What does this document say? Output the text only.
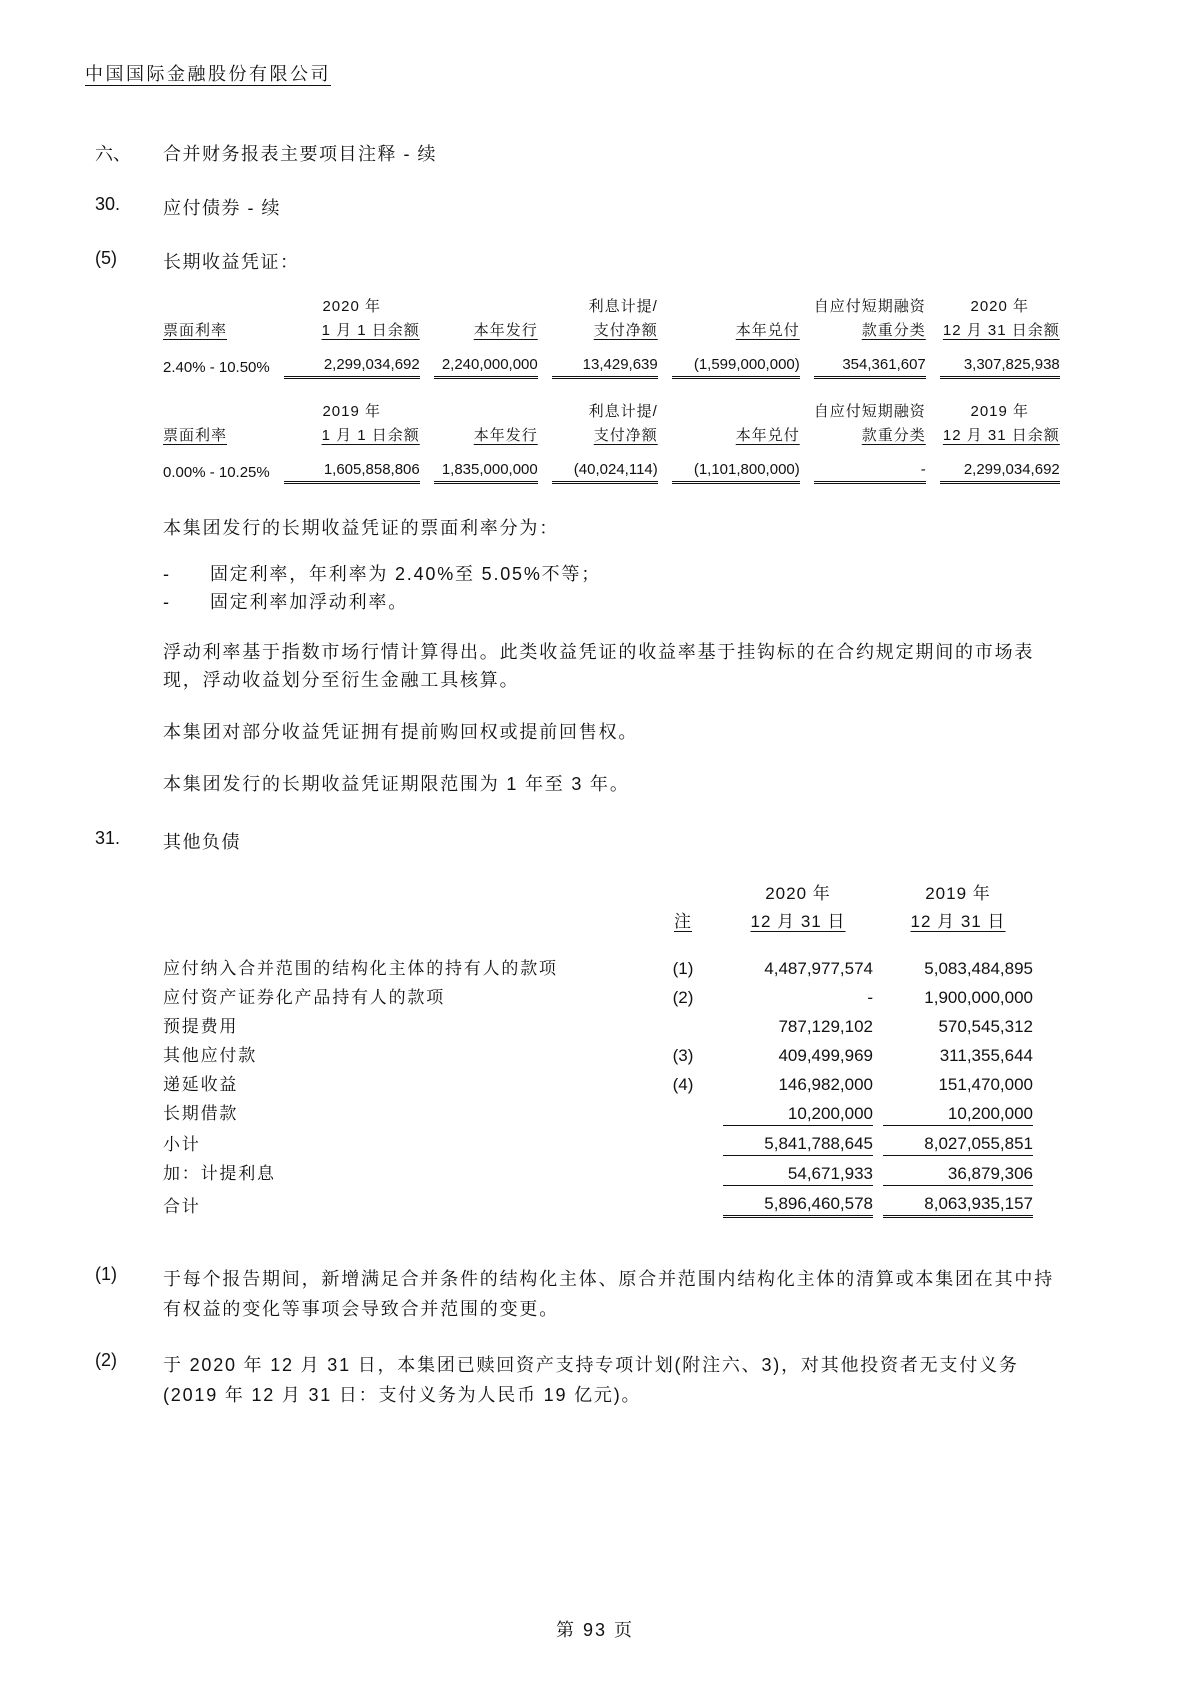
中国国际金融股份有限公司
六、	合并财务报表主要项目注释 - 续
30.	应付债券 - 续
(5)	长期收益凭证：
	2020 年		利息计提/		自应付短期融资	2020 年
票面利率	1 月 1 日余额	本年发行	支付净额	本年兑付	款重分类	12 月 31 日余额
2.40% - 10.50%	2,299,034,692	2,240,000,000	13,429,639	(1,599,000,000)	354,361,607	3,307,825,938
	2019 年		利息计提/		自应付短期融资	2019 年
票面利率	1 月 1 日余额	本年发行	支付净额	本年兑付	款重分类	12 月 31 日余额
0.00% - 10.25%	1,605,858,806	1,835,000,000	(40,024,114)	(1,101,800,000)	-	2,299,034,692
本集团发行的长期收益凭证的票面利率分为：
-	固定利率，年利率为 2.40%至 5.05%不等；
-	固定利率加浮动利率。
浮动利率基于指数市场行情计算得出。此类收益凭证的收益率基于挂钩标的在合约规定期间的市场表现，浮动收益划分至衍生金融工具核算。
本集团对部分收益凭证拥有提前购回权或提前回售权。
本集团发行的长期收益凭证期限范围为 1 年至 3 年。
31.	其他负债
		2020 年	2019 年
	注	12 月 31 日	12 月 31 日

应付纳入合并范围的结构化主体的持有人的款项	(1)	4,487,977,574	5,083,484,895
应付资产证券化产品持有人的款项	(2)	-	1,900,000,000
预提费用		787,129,102	570,545,312
其他应付款	(3)	409,499,969	311,355,644
递延收益	(4)	146,982,000	151,470,000
长期借款		10,200,000	10,200,000
小计		5,841,788,645	8,027,055,851
加：计提利息		54,671,933	36,879,306
合计		5,896,460,578	8,063,935,157
(1)	于每个报告期间，新增满足合并条件的结构化主体、原合并范围内结构化主体的清算或本集团在其中持有权益的变化等事项会导致合并范围的变更。
(2)	于 2020 年 12 月 31 日，本集团已赎回资产支持专项计划(附注六、3)，对其他投资者无支付义务(2019 年 12 月 31 日：支付义务为人民币 19 亿元)。
第 93 页
